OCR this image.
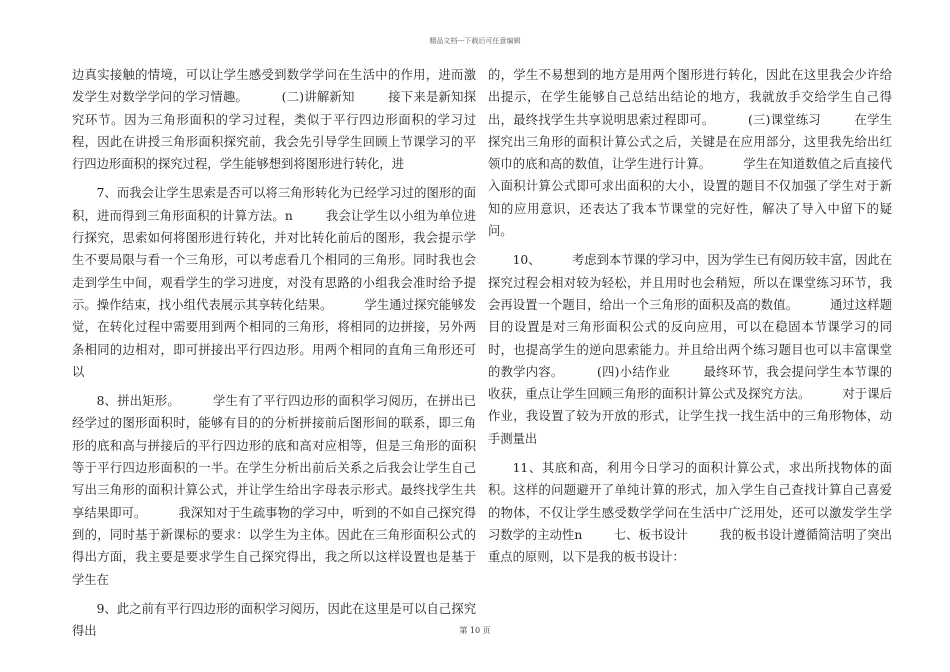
精品文档---下载后可任意编辑

边真实接触的情境，可以让学生感受到数学学问在生活中的作用，进而激发学生对数学学问的学习情趣。        (二)讲解新知        接下来是新知探究环节。因为三角形面积的学习过程，类似于平行四边形面积的学习过程，因此在讲授三角形面积探究前，我会先引导学生回顾上节课学习的平行四边形面积的探究过程，学生能够想到将图形进行转化，进

7、而我会让学生思索是否可以将三角形转化为已经学习过的图形的面积，进而得到三角形面积的计算方法。n        我会让学生以小组为单位进行探究，思索如何将图形进行转化，并对比转化前后的图形，我会提示学生不要局限与看一个三角形，可以考虑看几个相同的三角形。同时我也会走到学生中间，观看学生的学习进度，对没有思路的小组我会准时给予提示。操作结束，找小组代表展示其享转化结果。        学生通过探究能够发觉，在转化过程中需要用到两个相同的三角形，将相同的边拼接，另外两条相同的边相对，即可拼接出平行四边形。用两个相同的直角三角形还可以

8、拼出矩形。        学生有了平行四边形的面积学习阅历，在拼出已经学过的图形面积时，能够有目的的分析拼接前后图形间的联系，即三角形的底和高与拼接后的平行四边形的底和高对应相等，但是三角形的面积等于平行四边形面积的一半。在学生分析出前后关系之后我会让学生自己写出三角形的面积计算公式，并让学生给出字母表示形式。最终找学生共享结果即可。        我深知对于生疏事物的学习中，听到的不如自己探究得到的，同时基于新课标的要求：以学生为主体。因此在三角形面积公式的得出方面，我主要是要求学生自己探究得出，我之所以这样设置也是基于学生在

9、此之前有平行四边形的面积学习阅历，因此在这里是可以自己探究得出

的，学生不易想到的地方是用两个图形进行转化，因此在这里我会少许给出提示，在学生能够自己总结出结论的地方，我就放手交给学生自己得出，最终找学生共享说明思索过程即可。        (三)课堂练习        在学生探究出三角形的面积计算公式之后，关键是在应用部分，这里我先给出红领巾的底和高的数值，让学生进行计算。        学生在知道数值之后直接代入面积计算公式即可求出面积的大小，设置的题目不仅加强了学生对于新知的应用意识，还表达了我本节课堂的完好性，解决了导入中留下的疑问。

10、        考虑到本节课的学习中，因为学生已有阅历较丰富，因此在探究过程会相对较为轻松，并且用时也会稍短，所以在课堂练习环节，我会再设置一个题目，给出一个三角形的面积及高的数值。        通过这样题目的设置是对三角形面积公式的反向应用，可以在稳固本节课学习的同时，也提高学生的逆向思索能力。并且给出两个练习题目也可以丰富课堂的教学内容。        (四)小结作业        最终环节，我会提问学生本节课的收获，重点让学生回顾三角形的面积计算公式及探究方法。        对于课后作业，我设置了较为开放的形式，让学生找一找生活中的三角形物体，动手测量出

11、其底和高，利用今日学习的面积计算公式，求出所找物体的面积。这样的问题避开了单纯计算的形式，加入学生自己查找计算自己喜爱的物体，不仅让学生感受数学学问在生活中广泛用处，还可以激发学生学习数学的主动性n        七、板书设计        我的板书设计遵循简洁明了突出重点的原则，以下是我的板书设计：

第 10 页
